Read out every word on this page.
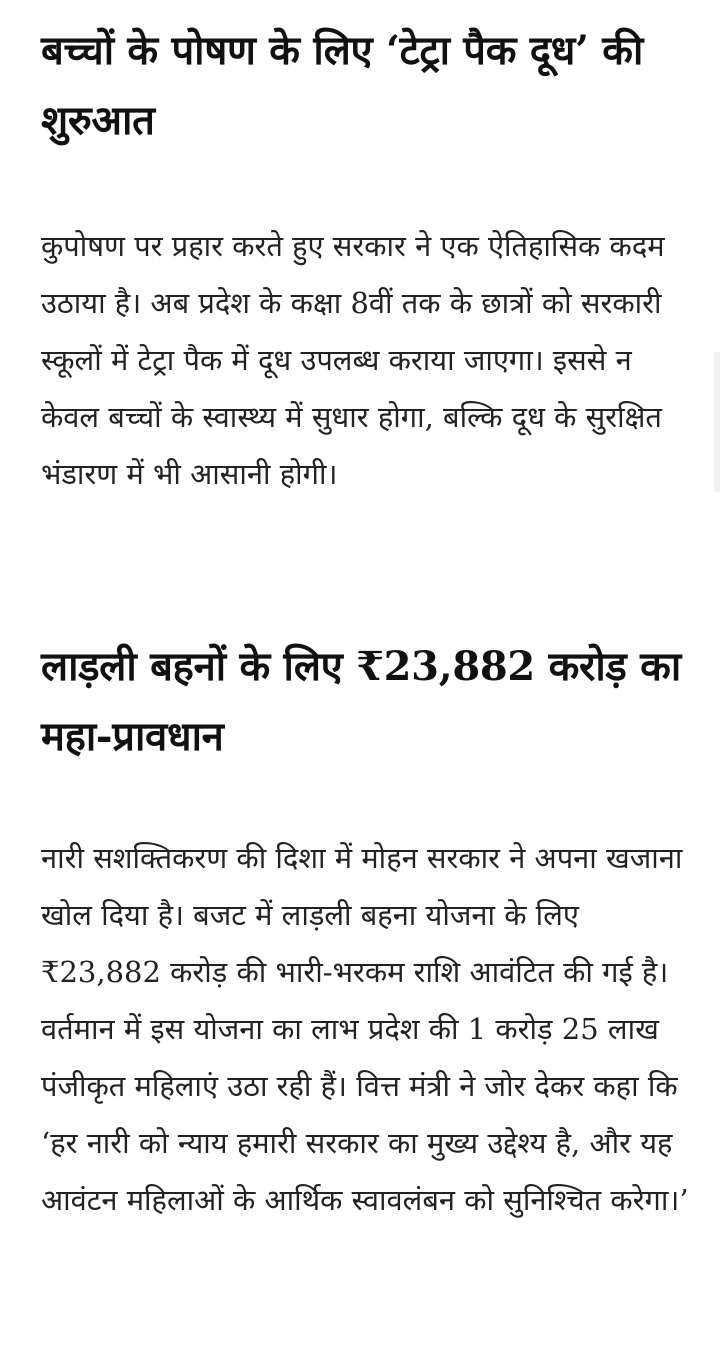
बच्चों के पोषण के लिए ‘टेट्रा पैक दूध’ की शुरुआत

कुपोषण पर प्रहार करते हुए सरकार ने एक ऐतिहासिक कदम उठाया है। अब प्रदेश के कक्षा 8वीं तक के छात्रों को सरकारी स्कूलों में टेट्रा पैक में दूध उपलब्ध कराया जाएगा। इससे न केवल बच्चों के स्वास्थ्य में सुधार होगा, बल्कि दूध के सुरक्षित भंडारण में भी आसानी होगी।

लाड़ली बहनों के लिए ₹23,882 करोड़ का महा-प्रावधान

नारी सशक्तिकरण की दिशा में मोहन सरकार ने अपना खजाना खोल दिया है। बजट में लाड़ली बहना योजना के लिए ₹23,882 करोड़ की भारी-भरकम राशि आवंटित की गई है। वर्तमान में इस योजना का लाभ प्रदेश की 1 करोड़ 25 लाख पंजीकृत महिलाएं उठा रही हैं। वित्त मंत्री ने जोर देकर कहा कि ‘हर नारी को न्याय हमारी सरकार का मुख्य उद्देश्य है, और यह आवंटन महिलाओं के आर्थिक स्वावलंबन को सुनिश्चित करेगा।’
